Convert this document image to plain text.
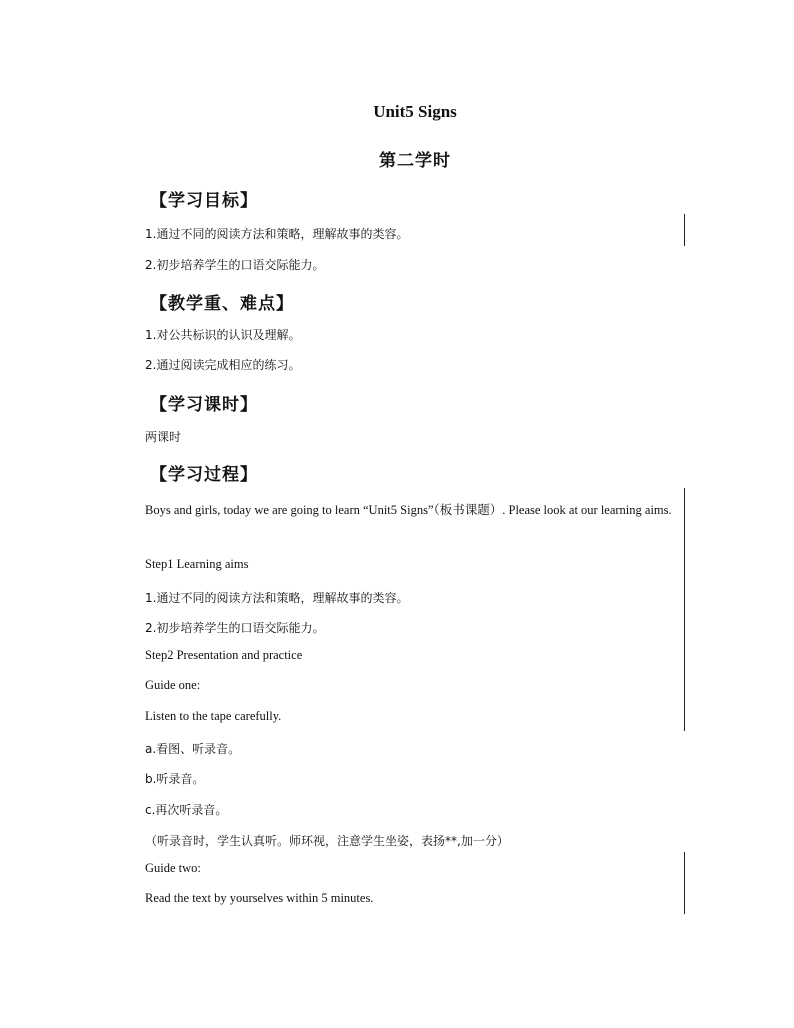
Unit5 Signs
第二学时
【学习目标】

1.通过不同的阅读方法和策略，理解故事的类容。

2.初步培养学生的口语交际能力。

【教学重、难点】

1.对公共标识的认识及理解。

2.通过阅读完成相应的练习。

【学习课时】

两课时

【学习过程】

Boys and girls, today we are going to learn “Unit5 Signs”（板书课题）. Please look at our learning aims.

Step1 Learning aims

1.通过不同的阅读方法和策略，理解故事的类容。

2.初步培养学生的口语交际能力。

Step2 Presentation and practice

Guide one:

Listen to the tape carefully.

a.看图、听录音。

b.听录音。

c.再次听录音。

（听录音时，学生认真听。师环视，注意学生坐姿，表扬**,加一分）

Guide two:

Read the text by yourselves within 5 minutes.
